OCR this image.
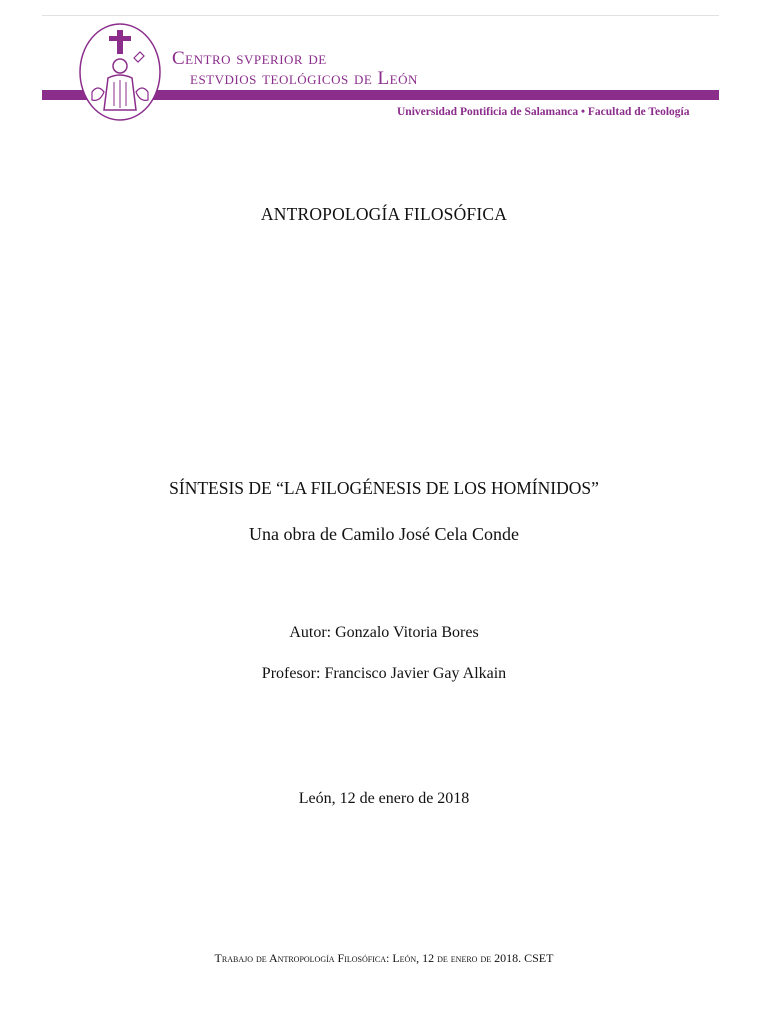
Centro svperior de
estvdios teológicos de León
Universidad Pontificia de Salamanca • Facultad de Teología
ANTROPOLOGÍA FILOSÓFICA
SÍNTESIS DE “LA FILOGÉNESIS DE LOS HOMÍNIDOS”
Una obra de Camilo José Cela Conde
Autor: Gonzalo Vitoria Bores
Profesor: Francisco Javier Gay Alkain
León, 12 de enero de 2018
Trabajo de Antropología Filosófica: León, 12 de enero de 2018. CSET
